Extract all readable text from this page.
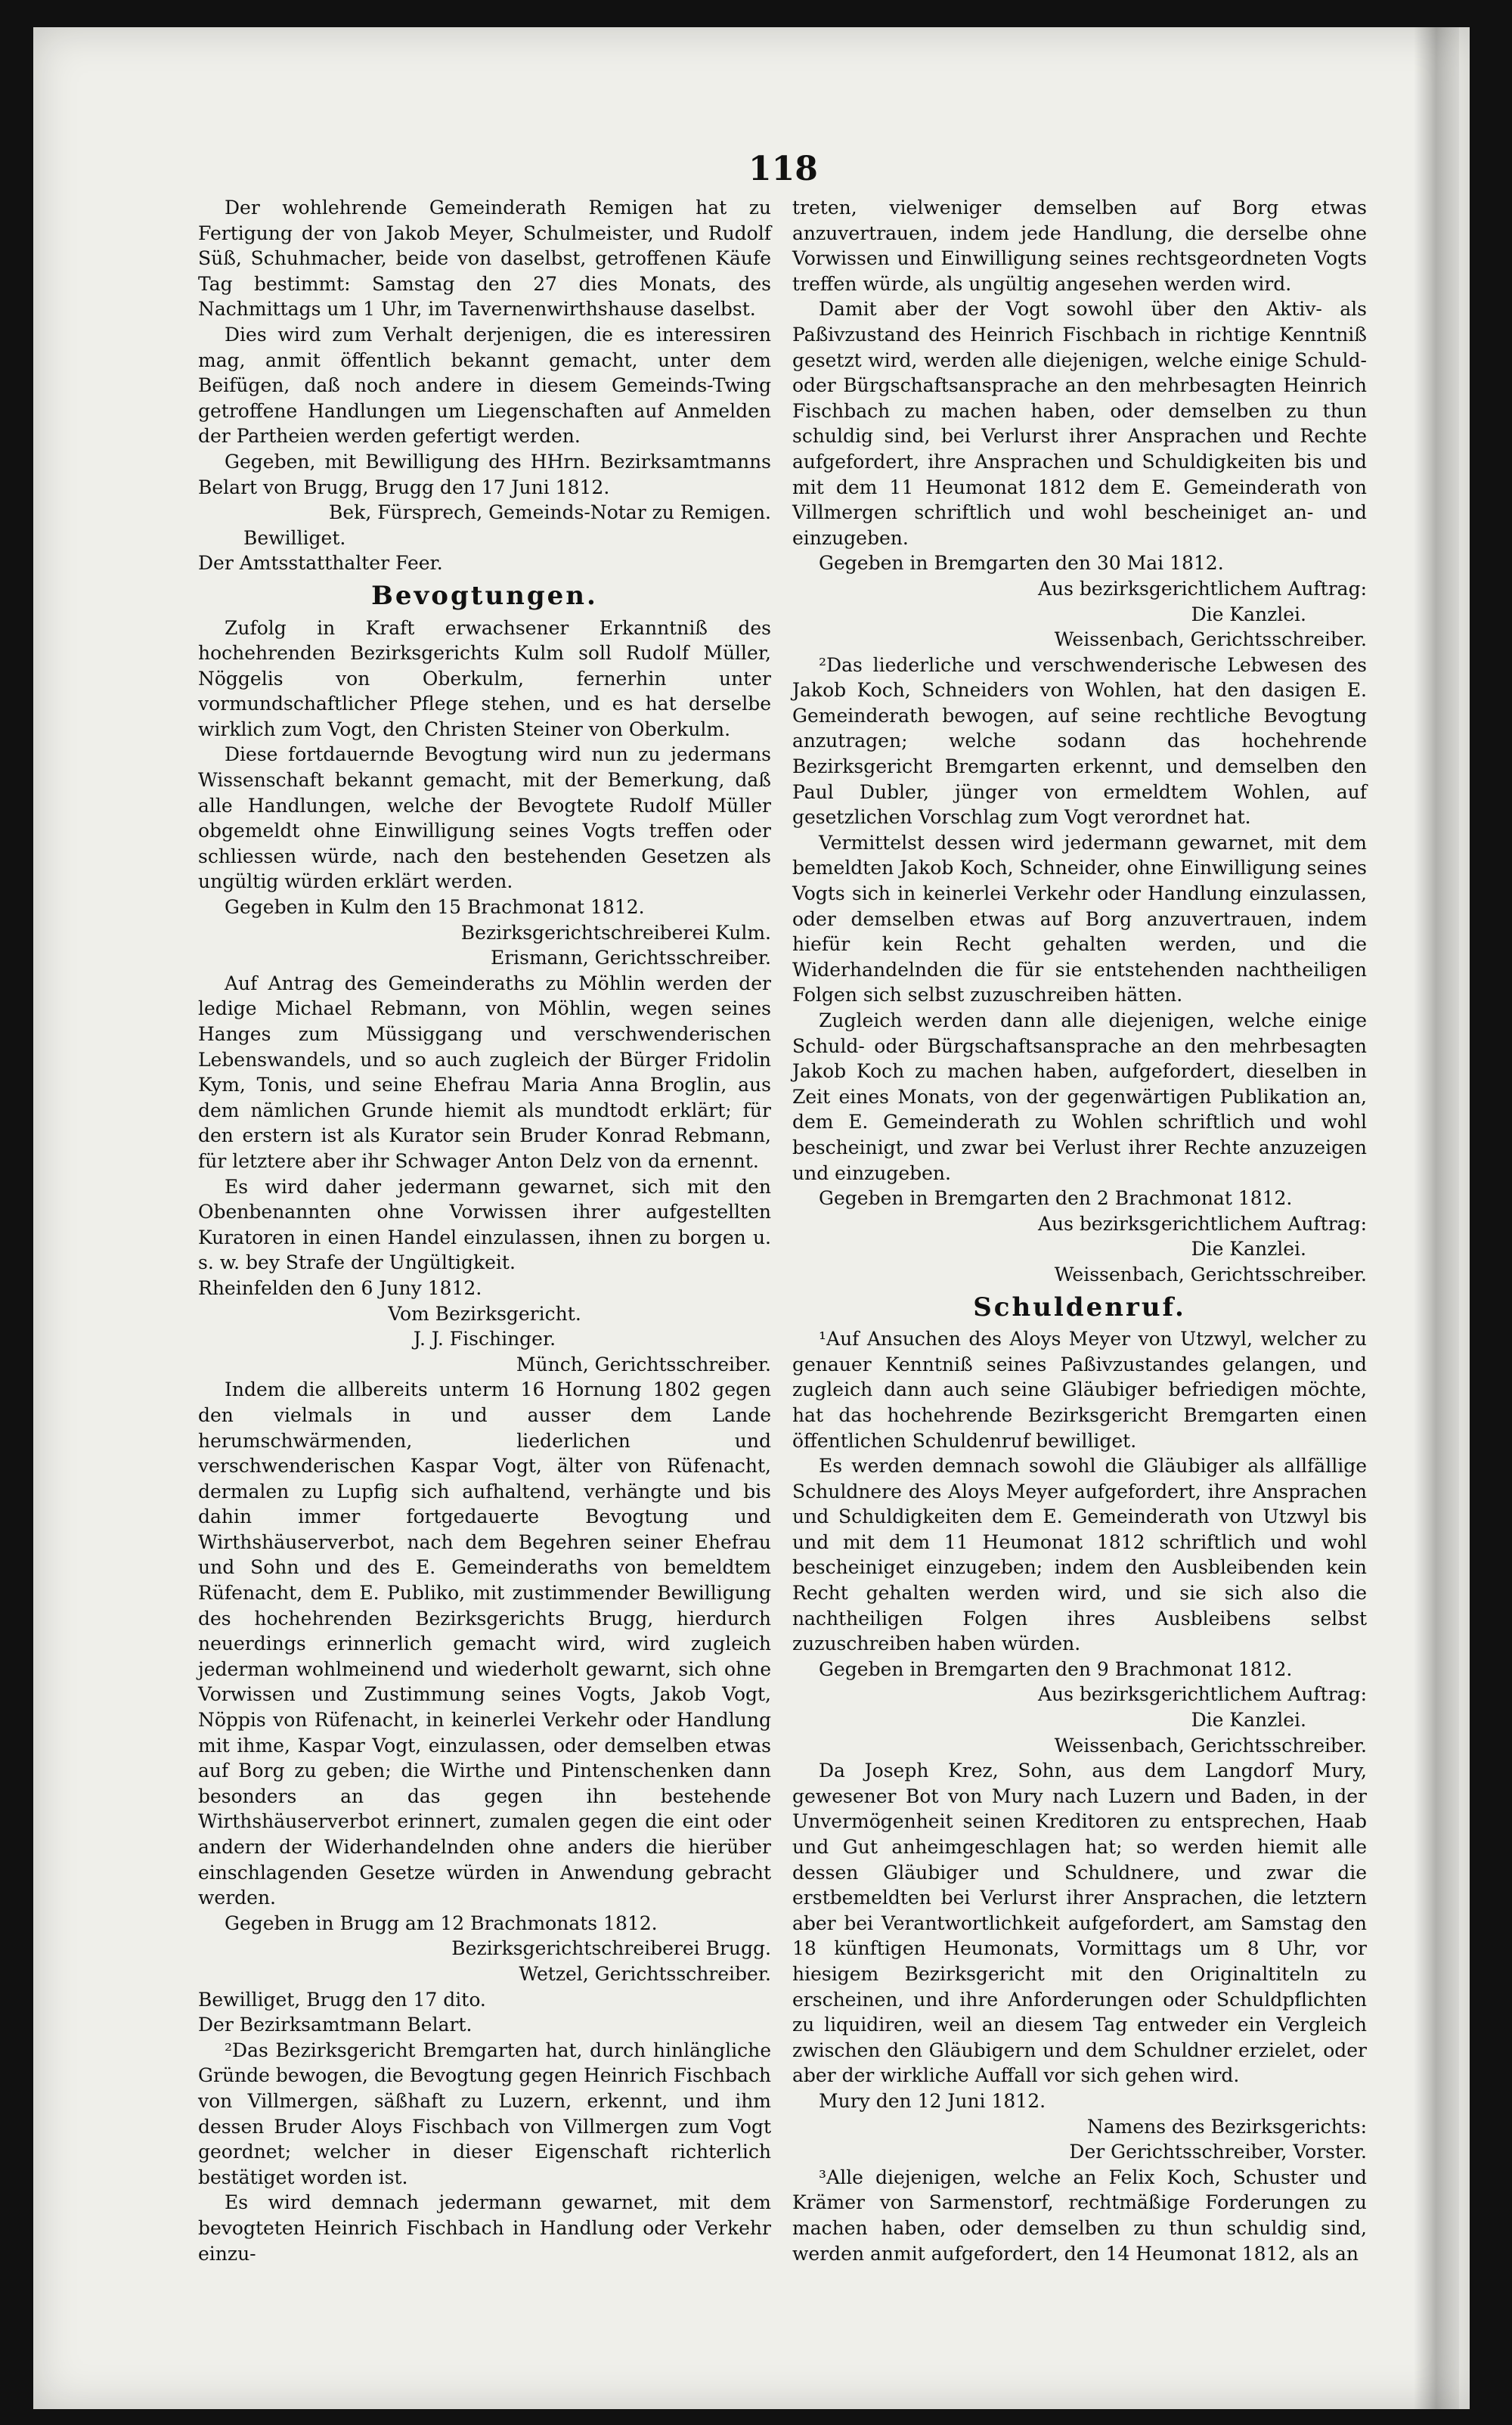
118

Der wohlehrende Gemeinderath Remigen hat zu Fertigung der von Jakob Meyer, Schulmeister, und Rudolf Süß, Schuhmacher, beide von daselbst, getroffenen Käufe Tag bestimmt: Samstag den 27 dies Monats, des Nachmittags um 1 Uhr, im Tavernenwirthshause daselbst.

Dies wird zum Verhalt derjenigen, die es interessiren mag, anmit öffentlich bekannt gemacht, unter dem Beifügen, daß noch andere in diesem Gemeinds-Twing getroffene Handlungen um Liegenschaften auf Anmelden der Partheien werden gefertigt werden.

Gegeben, mit Bewilligung des HHrn. Bezirksamtmanns Belart von Brugg, Brugg den 17 Juni 1812.

Bek, Fürsprech, Gemeinds-Notar zu Remigen.

Bewilliget.

Der Amtsstatthalter Feer.

Bevogtungen.

Zufolg in Kraft erwachsener Erkanntniß des hochehrenden Bezirksgerichts Kulm soll Rudolf Müller, Nöggelis von Oberkulm, fernerhin unter vormundschaftlicher Pflege stehen, und es hat derselbe wirklich zum Vogt, den Christen Steiner von Oberkulm.

Diese fortdauernde Bevogtung wird nun zu jedermans Wissenschaft bekannt gemacht, mit der Bemerkung, daß alle Handlungen, welche der Bevogtete Rudolf Müller obgemeldt ohne Einwilligung seines Vogts treffen oder schliessen würde, nach den bestehenden Gesetzen als ungültig würden erklärt werden.

Gegeben in Kulm den 15 Brachmonat 1812.

Bezirksgerichtschreiberei Kulm.

Erismann, Gerichtsschreiber.

Auf Antrag des Gemeinderaths zu Möhlin werden der ledige Michael Rebmann, von Möhlin, wegen seines Hanges zum Müssiggang und verschwenderischen Lebenswandels, und so auch zugleich der Bürger Fridolin Kym, Tonis, und seine Ehefrau Maria Anna Broglin, aus dem nämlichen Grunde hiemit als mundtodt erklärt; für den erstern ist als Kurator sein Bruder Konrad Rebmann, für letztere aber ihr Schwager Anton Delz von da ernennt.

Es wird daher jedermann gewarnet, sich mit den Obenbenannten ohne Vorwissen ihrer aufgestellten Kuratoren in einen Handel einzulassen, ihnen zu borgen u. s. w. bey Strafe der Ungültigkeit.

Rheinfelden den 6 Juny 1812.

Vom Bezirksgericht.

J. J. Fischinger.

Münch, Gerichtsschreiber.

Indem die allbereits unterm 16 Hornung 1802 gegen den vielmals in und ausser dem Lande herumschwärmenden, liederlichen und verschwenderischen Kaspar Vogt, älter von Rüfenacht, dermalen zu Lupfig sich aufhaltend, verhängte und bis dahin immer fortgedauerte Bevogtung und Wirthshäuserverbot, nach dem Begehren seiner Ehefrau und Sohn und des E. Gemeinderaths von bemeldtem Rüfenacht, dem E. Publiko, mit zustimmender Bewilligung des hochehrenden Bezirksgerichts Brugg, hierdurch neuerdings erinnerlich gemacht wird, wird zugleich jederman wohlmeinend und wiederholt gewarnt, sich ohne Vorwissen und Zustimmung seines Vogts, Jakob Vogt, Nöppis von Rüfenacht, in keinerlei Verkehr oder Handlung mit ihme, Kaspar Vogt, einzulassen, oder demselben etwas auf Borg zu geben; die Wirthe und Pintenschenken dann besonders an das gegen ihn bestehende Wirthshäuserverbot erinnert, zumalen gegen die eint oder andern der Widerhandelnden ohne anders die hierüber einschlagenden Gesetze würden in Anwendung gebracht werden.

Gegeben in Brugg am 12 Brachmonats 1812.

Bezirksgerichtschreiberei Brugg.

Wetzel, Gerichtsschreiber.

Bewilliget, Brugg den 17 dito.

Der Bezirksamtmann Belart.

²Das Bezirksgericht Bremgarten hat, durch hinlängliche Gründe bewogen, die Bevogtung gegen Heinrich Fischbach von Villmergen, säßhaft zu Luzern, erkennt, und ihm dessen Bruder Aloys Fischbach von Villmergen zum Vogt geordnet; welcher in dieser Eigenschaft richterlich bestätiget worden ist.

Es wird demnach jedermann gewarnet, mit dem bevogteten Heinrich Fischbach in Handlung oder Verkehr einzu-

treten, vielweniger demselben auf Borg etwas anzuvertrauen, indem jede Handlung, die derselbe ohne Vorwissen und Einwilligung seines rechtsgeordneten Vogts treffen würde, als ungültig angesehen werden wird.

Damit aber der Vogt sowohl über den Aktiv- als Paßivzustand des Heinrich Fischbach in richtige Kenntniß gesetzt wird, werden alle diejenigen, welche einige Schuld- oder Bürgschaftsansprache an den mehrbesagten Heinrich Fischbach zu machen haben, oder demselben zu thun schuldig sind, bei Verlurst ihrer Ansprachen und Rechte aufgefordert, ihre Ansprachen und Schuldigkeiten bis und mit dem 11 Heumonat 1812 dem E. Gemeinderath von Villmergen schriftlich und wohl bescheiniget an- und einzugeben.

Gegeben in Bremgarten den 30 Mai 1812.

Aus bezirksgerichtlichem Auftrag:

Die Kanzlei.

Weissenbach, Gerichtsschreiber.

²Das liederliche und verschwenderische Lebwesen des Jakob Koch, Schneiders von Wohlen, hat den dasigen E. Gemeinderath bewogen, auf seine rechtliche Bevogtung anzutragen; welche sodann das hochehrende Bezirksgericht Bremgarten erkennt, und demselben den Paul Dubler, jünger von ermeldtem Wohlen, auf gesetzlichen Vorschlag zum Vogt verordnet hat.

Vermittelst dessen wird jedermann gewarnet, mit dem bemeldten Jakob Koch, Schneider, ohne Einwilligung seines Vogts sich in keinerlei Verkehr oder Handlung einzulassen, oder demselben etwas auf Borg anzuvertrauen, indem hiefür kein Recht gehalten werden, und die Widerhandelnden die für sie entstehenden nachtheiligen Folgen sich selbst zuzuschreiben hätten.

Zugleich werden dann alle diejenigen, welche einige Schuld- oder Bürgschaftsansprache an den mehrbesagten Jakob Koch zu machen haben, aufgefordert, dieselben in Zeit eines Monats, von der gegenwärtigen Publikation an, dem E. Gemeinderath zu Wohlen schriftlich und wohl bescheinigt, und zwar bei Verlust ihrer Rechte anzuzeigen und einzugeben.

Gegeben in Bremgarten den 2 Brachmonat 1812.

Aus bezirksgerichtlichem Auftrag:

Die Kanzlei.

Weissenbach, Gerichtsschreiber.

Schuldenruf.

¹Auf Ansuchen des Aloys Meyer von Utzwyl, welcher zu genauer Kenntniß seines Paßivzustandes gelangen, und zugleich dann auch seine Gläubiger befriedigen möchte, hat das hochehrende Bezirksgericht Bremgarten einen öffentlichen Schuldenruf bewilliget.

Es werden demnach sowohl die Gläubiger als allfällige Schuldnere des Aloys Meyer aufgefordert, ihre Ansprachen und Schuldigkeiten dem E. Gemeinderath von Utzwyl bis und mit dem 11 Heumonat 1812 schriftlich und wohl bescheiniget einzugeben; indem den Ausbleibenden kein Recht gehalten werden wird, und sie sich also die nachtheiligen Folgen ihres Ausbleibens selbst zuzuschreiben haben würden.

Gegeben in Bremgarten den 9 Brachmonat 1812.

Aus bezirksgerichtlichem Auftrag:

Die Kanzlei.

Weissenbach, Gerichtsschreiber.

Da Joseph Krez, Sohn, aus dem Langdorf Mury, gewesener Bot von Mury nach Luzern und Baden, in der Unvermögenheit seinen Kreditoren zu entsprechen, Haab und Gut anheimgeschlagen hat; so werden hiemit alle dessen Gläubiger und Schuldnere, und zwar die erstbemeldten bei Verlurst ihrer Ansprachen, die letztern aber bei Verantwortlichkeit aufgefordert, am Samstag den 18 künftigen Heumonats, Vormittags um 8 Uhr, vor hiesigem Bezirksgericht mit den Originaltiteln zu erscheinen, und ihre Anforderungen oder Schuldpflichten zu liquidiren, weil an diesem Tag entweder ein Vergleich zwischen den Gläubigern und dem Schuldner erzielet, oder aber der wirkliche Auffall vor sich gehen wird.

Mury den 12 Juni 1812.

Namens des Bezirksgerichts:

Der Gerichtsschreiber, Vorster.

³Alle diejenigen, welche an Felix Koch, Schuster und Krämer von Sarmenstorf, rechtmäßige Forderungen zu machen haben, oder demselben zu thun schuldig sind, werden anmit aufgefordert, den 14 Heumonat 1812, als an
